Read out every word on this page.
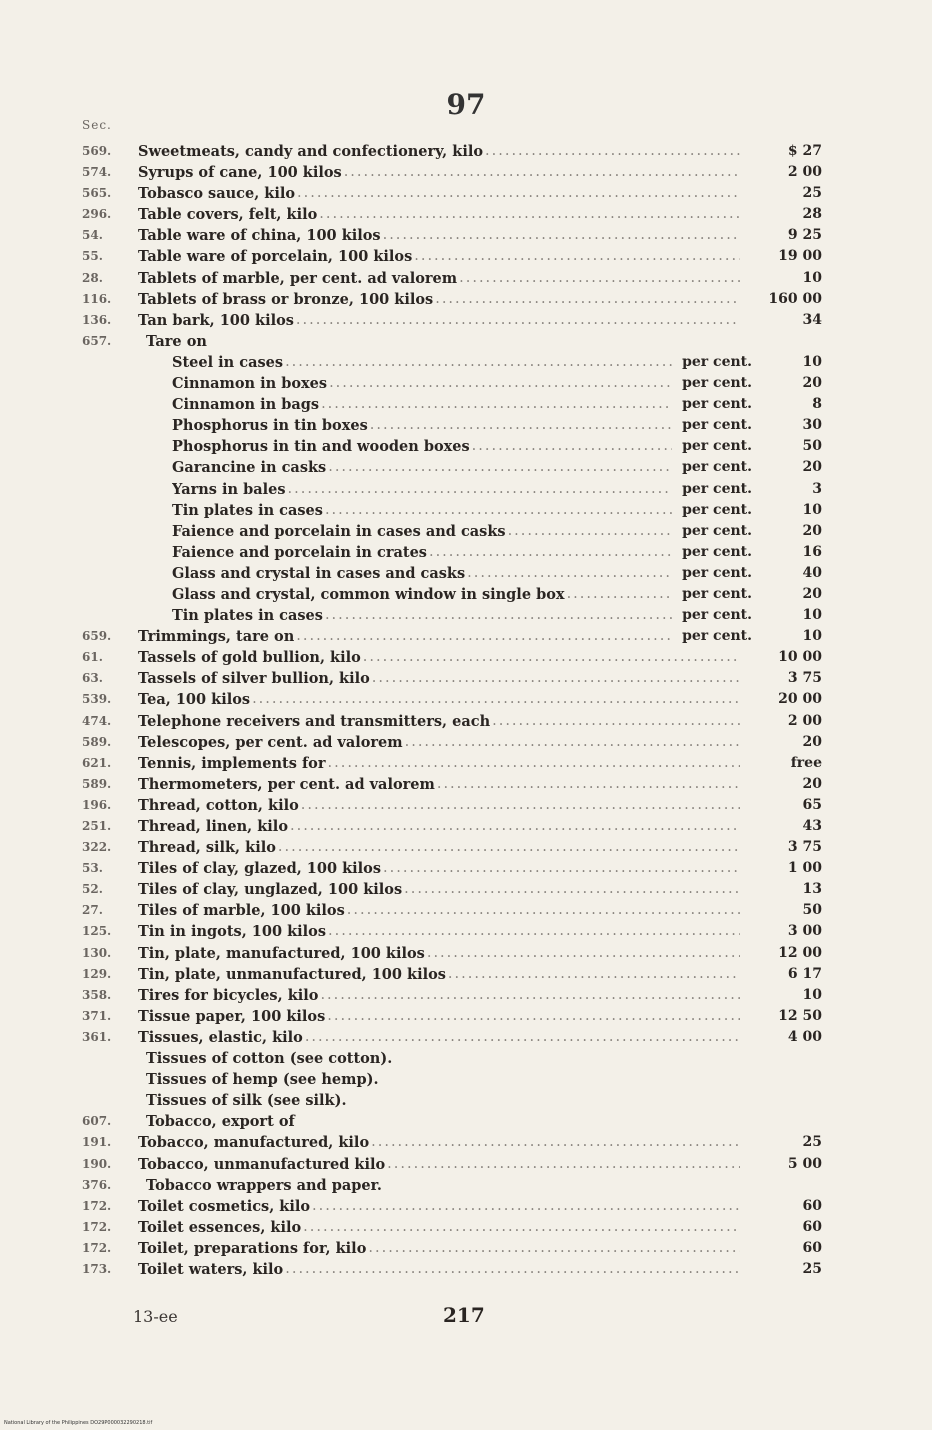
97
Sec.
569.	Sweetmeats, candy and confectionery, kilo .....	$ 27
574.	Syrups of cane, 100 kilos .....	2 00
565.	Tobasco sauce, kilo .....	25
296.	Table covers, felt, kilo .....	28
54.	Table ware of china, 100 kilos .....	9 25
55.	Table ware of porcelain, 100 kilos .....	19 00
28.	Tablets of marble, per cent. ad valorem .....	10
116.	Tablets of brass or bronze, 100 kilos .....	160 00
136.	Tan bark, 100 kilos .....	34
657.	Tare on
Steel in cases .....	per cent.	10
Cinnamon in boxes .....	per cent.	20
Cinnamon in bags .....	per cent.	8
Phosphorus in tin boxes .....	per cent.	30
Phosphorus in tin and wooden boxes .....	per cent.	50
Garancine in casks .....	per cent.	20
Yarns in bales .....	per cent.	3
Tin plates in cases .....	per cent.	10
Faience and porcelain in cases and casks .....	per cent.	20
Faience and porcelain in crates .....	per cent.	16
Glass and crystal in cases and casks .....	per cent.	40
Glass and crystal, common window in single box .....	per cent.	20
Tin plates in cases .....	per cent.	10
659.	Trimmings, tare on .....	per cent.	10
61.	Tassels of gold bullion, kilo .....	10 00
63.	Tassels of silver bullion, kilo .....	3 75
539.	Tea, 100 kilos .....	20 00
474.	Telephone receivers and transmitters, each .....	2 00
589.	Telescopes, per cent. ad valorem .....	20
621.	Tennis, implements for .....	free
589.	Thermometers, per cent. ad valorem .....	20
196.	Thread, cotton, kilo .....	65
251.	Thread, linen, kilo .....	43
322.	Thread, silk, kilo .....	3 75
53.	Tiles of clay, glazed, 100 kilos .....	1 00
52.	Tiles of clay, unglazed, 100 kilos .....	13
27.	Tiles of marble, 100 kilos .....	50
125.	Tin in ingots, 100 kilos .....	3 00
130.	Tin, plate, manufactured, 100 kilos .....	12 00
129.	Tin, plate, unmanufactured, 100 kilos .....	6 17
358.	Tires for bicycles, kilo .....	10
371.	Tissue paper, 100 kilos .....	12 50
361.	Tissues, elastic, kilo .....	4 00
Tissues of cotton (see cotton).
Tissues of hemp (see hemp).
Tissues of silk (see silk).
607.	Tobacco, export of
191.	Tobacco, manufactured, kilo .....	25
190.	Tobacco, unmanufactured kilo .....	5 00
376.	Tobacco wrappers and paper.
172.	Toilet cosmetics, kilo .....	60
172.	Toilet essences, kilo .....	60
172.	Toilet, preparations for, kilo .....	60
173.	Toilet waters, kilo .....	25
13-ee	217
National Library of the Philippines DO29P000032290218.tif
